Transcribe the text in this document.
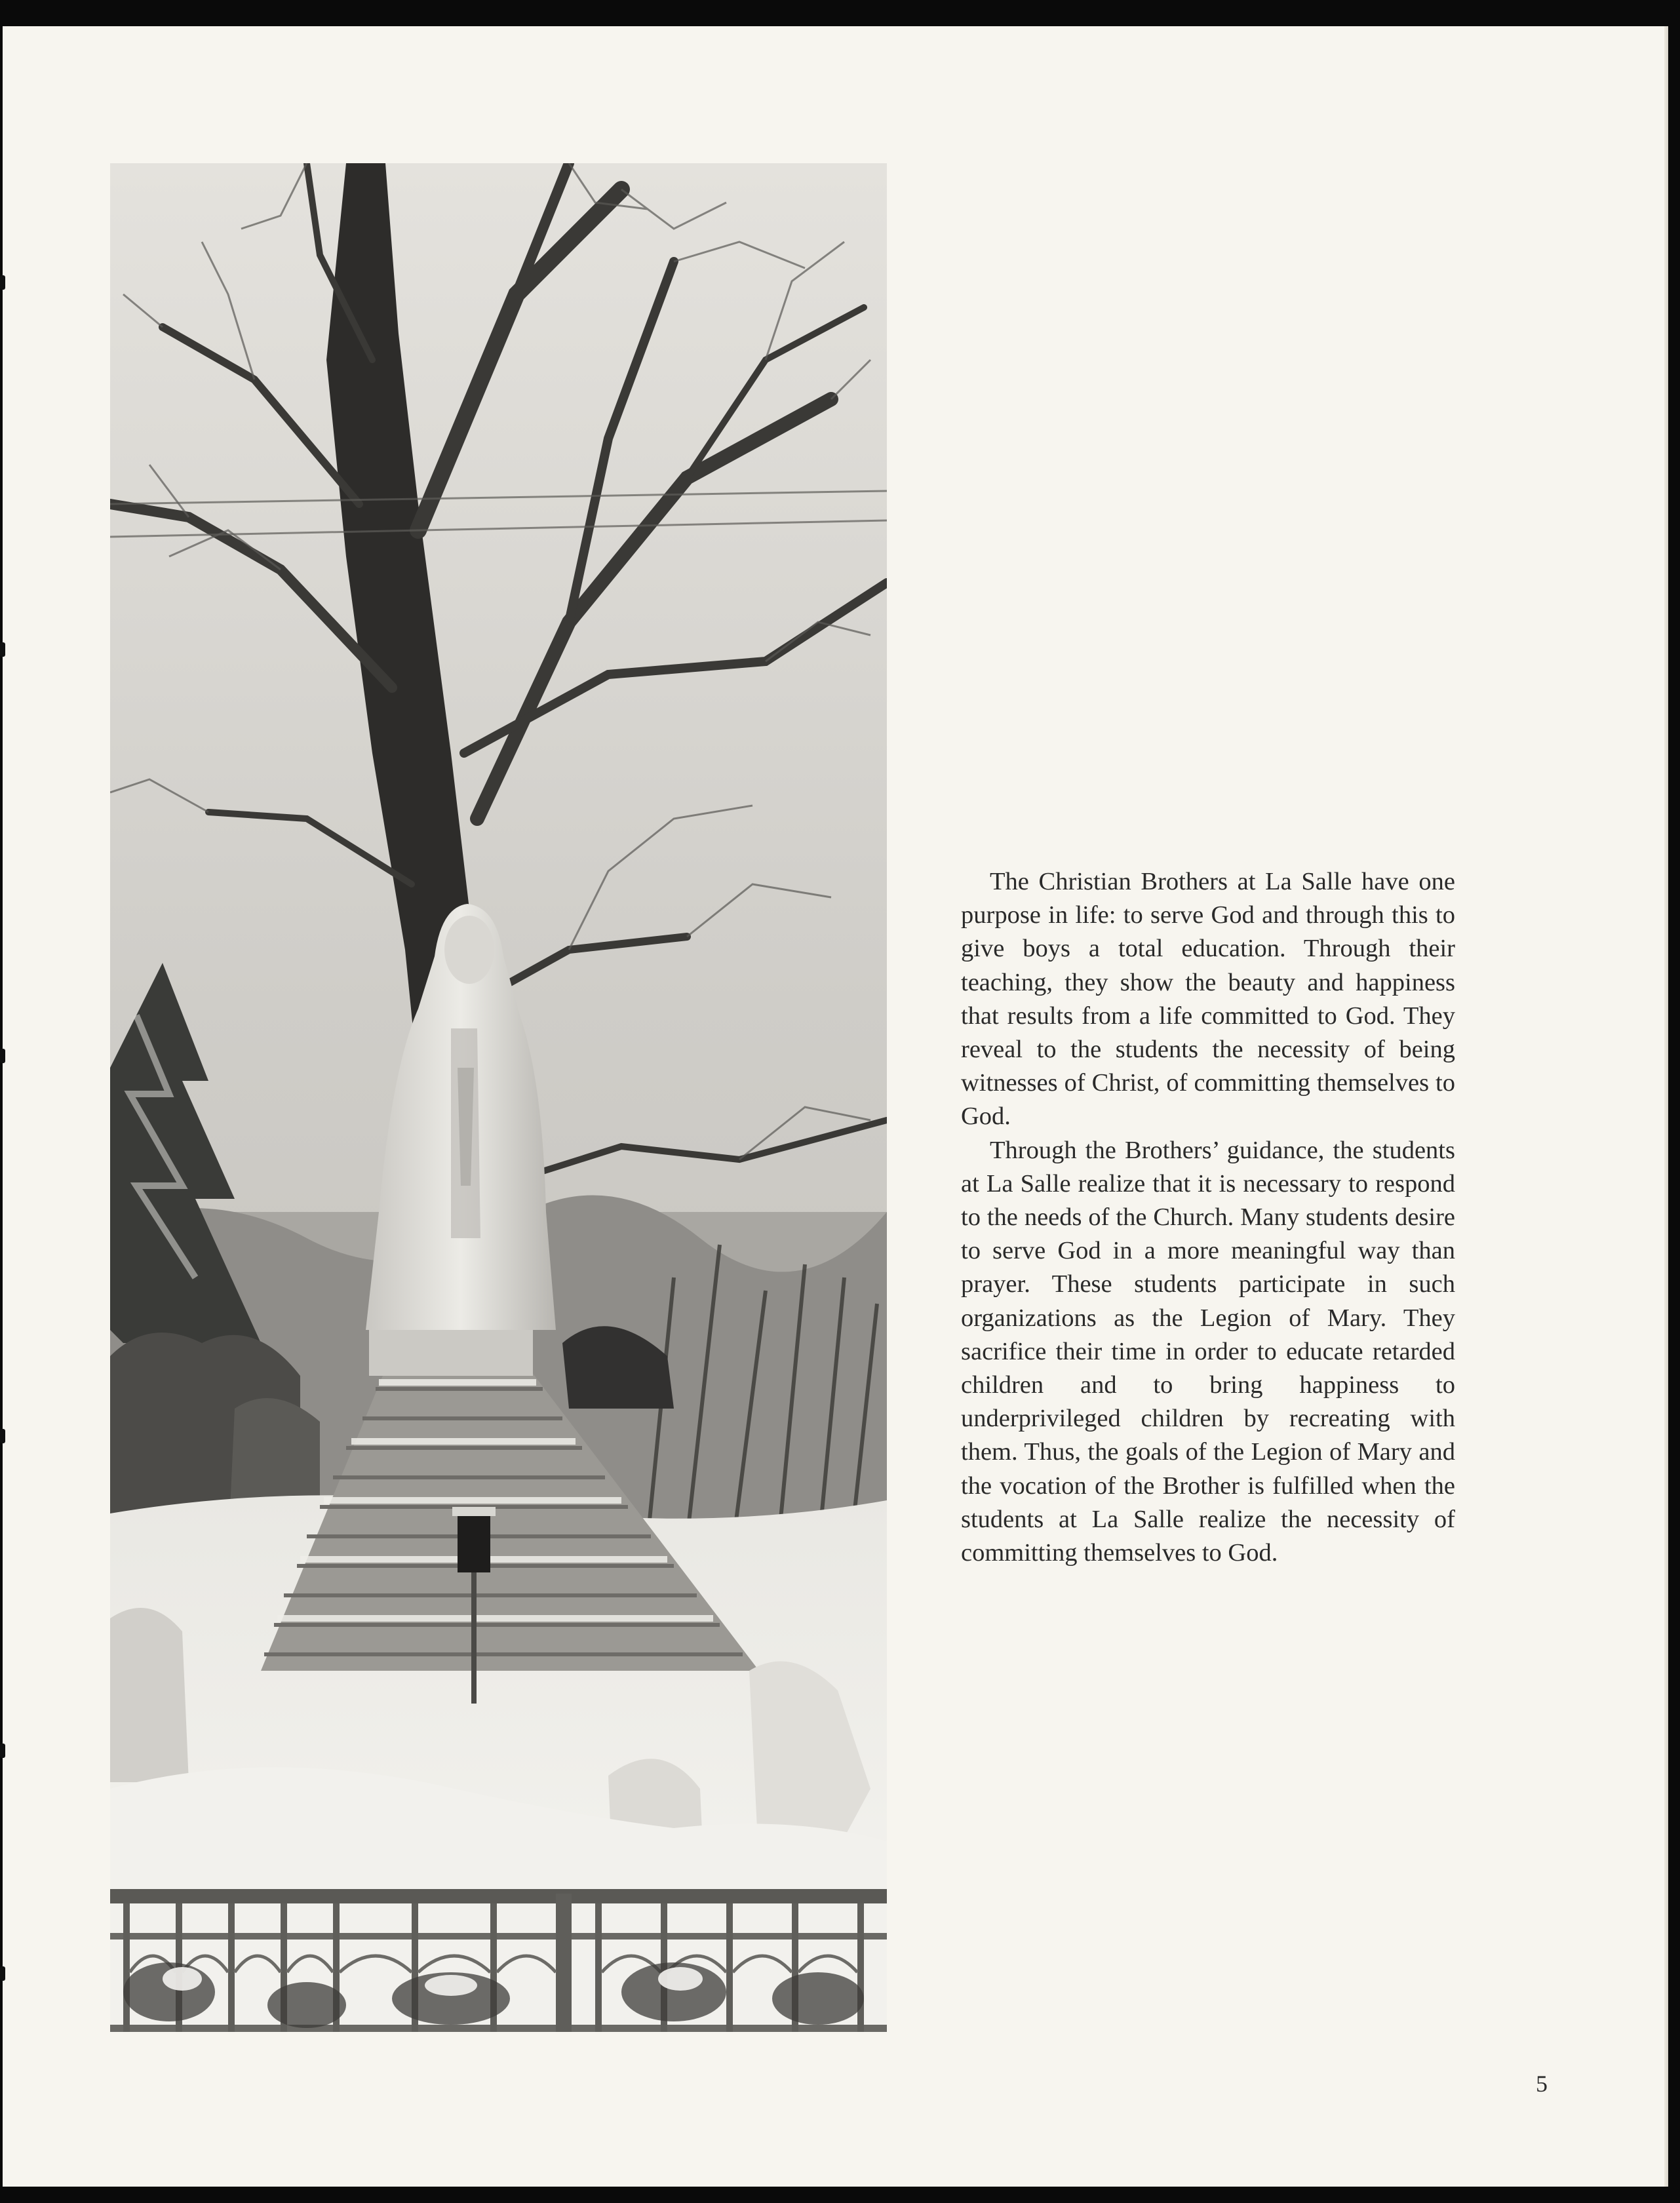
The Christian Brothers at La Salle have one purpose in life: to serve God and through this to give boys a total education. Through their teaching, they show the beauty and happiness that results from a life committed to God. They reveal to the students the necessity of being witnesses of Christ, of committing themselves to God.

Through the Brothers’ guidance, the students at La Salle realize that it is necessary to respond to the needs of the Church. Many students desire to serve God in a more meaningful way than prayer. These students participate in such organizations as the Legion of Mary. They sacrifice their time in order to educate retarded children and to bring happiness to underprivileged children by recreating with them. Thus, the goals of the Legion of Mary and the vocation of the Brother is fulfilled when the students at La Salle realize the necessity of committing themselves to God.

5
